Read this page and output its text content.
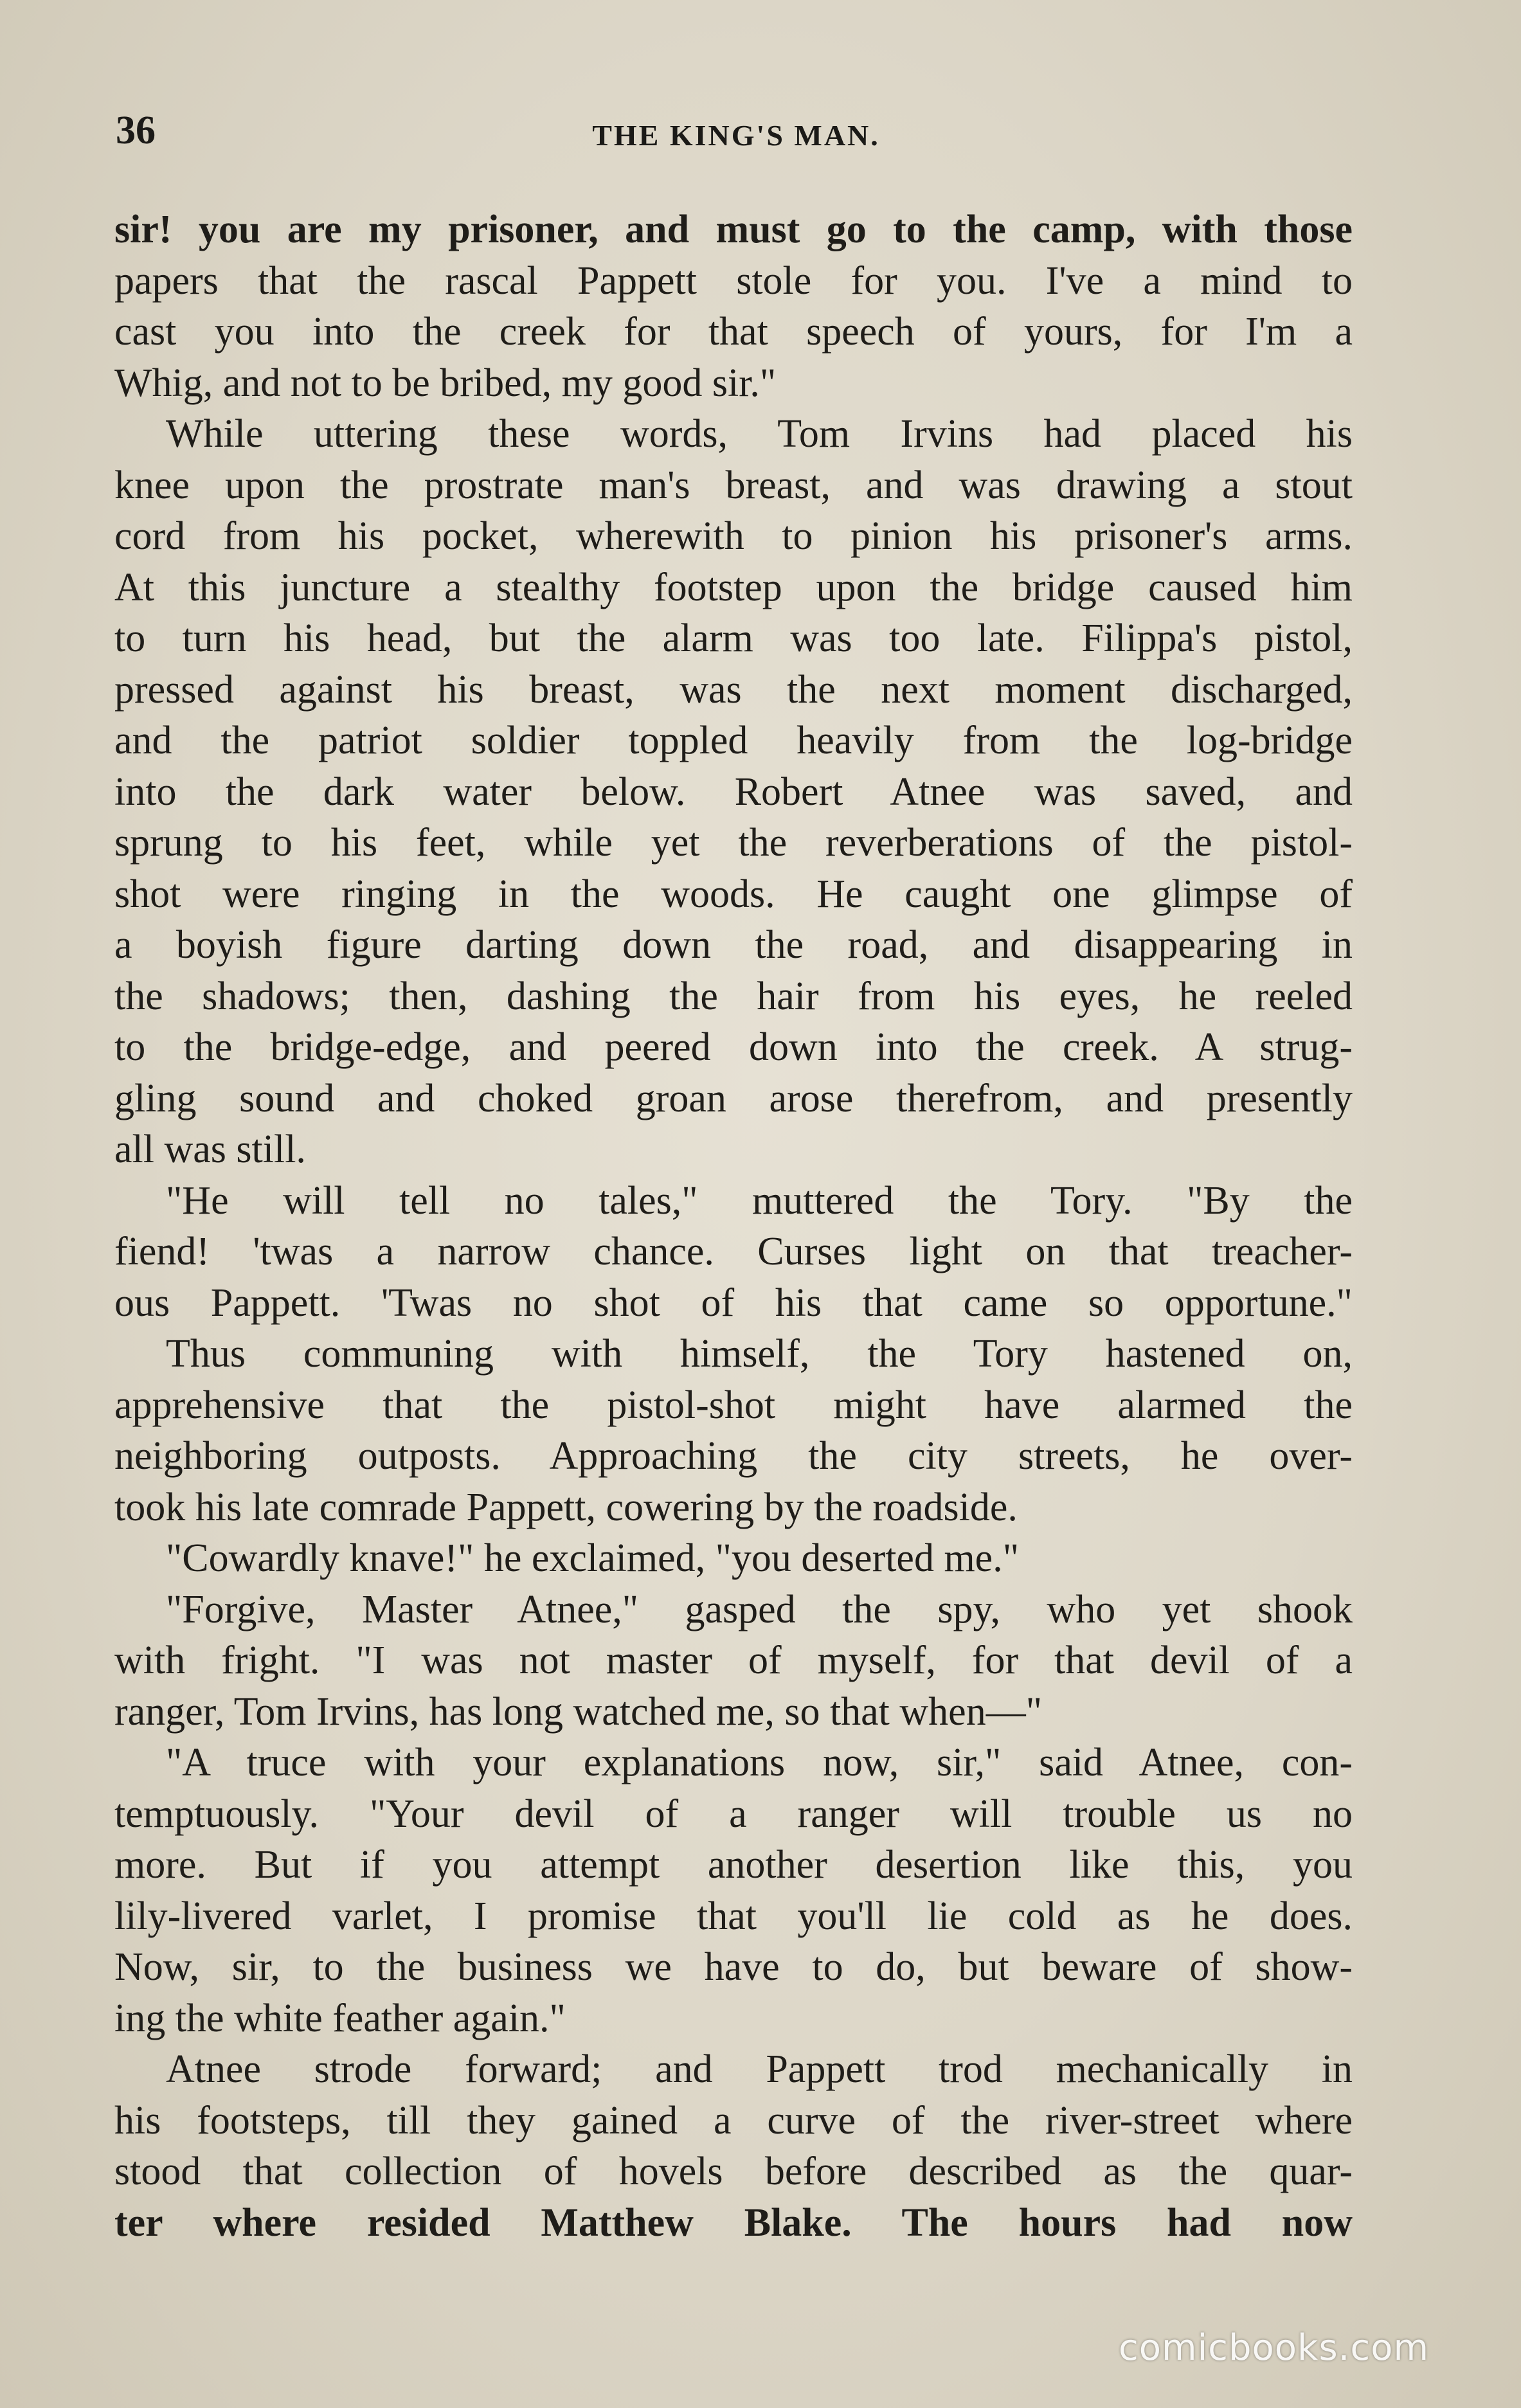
36	THE KING'S MAN.
sir! you are my prisoner, and must go to the camp, with those
papers that the rascal Pappett stole for you. I've a mind to
cast you into the creek for that speech of yours, for I'm a
Whig, and not to be bribed, my good sir."
While uttering these words, Tom Irvins had placed his
knee upon the prostrate man's breast, and was drawing a stout
cord from his pocket, wherewith to pinion his prisoner's arms.
At this juncture a stealthy footstep upon the bridge caused him
to turn his head, but the alarm was too late. Filippa's pistol,
pressed against his breast, was the next moment discharged,
and the patriot soldier toppled heavily from the log-bridge
into the dark water below. Robert Atnee was saved, and
sprung to his feet, while yet the reverberations of the pistol-
shot were ringing in the woods. He caught one glimpse of
a boyish figure darting down the road, and disappearing in
the shadows; then, dashing the hair from his eyes, he reeled
to the bridge-edge, and peered down into the creek. A strug-
gling sound and choked groan arose therefrom, and presently
all was still.
"He will tell no tales," muttered the Tory. "By the
fiend! 'twas a narrow chance. Curses light on that treacher-
ous Pappett. 'Twas no shot of his that came so opportune."
Thus communing with himself, the Tory hastened on,
apprehensive that the pistol-shot might have alarmed the
neighboring outposts. Approaching the city streets, he over-
took his late comrade Pappett, cowering by the roadside.
"Cowardly knave!" he exclaimed, "you deserted me."
"Forgive, Master Atnee," gasped the spy, who yet shook
with fright. "I was not master of myself, for that devil of a
ranger, Tom Irvins, has long watched me, so that when—"
"A truce with your explanations now, sir," said Atnee, con-
temptuously. "Your devil of a ranger will trouble us no
more. But if you attempt another desertion like this, you
lily-livered varlet, I promise that you'll lie cold as he does.
Now, sir, to the business we have to do, but beware of show-
ing the white feather again."
Atnee strode forward; and Pappett trod mechanically in
his footsteps, till they gained a curve of the river-street where
stood that collection of hovels before described as the quar-
ter where resided Matthew Blake. The hours had now
comicbooks.com
